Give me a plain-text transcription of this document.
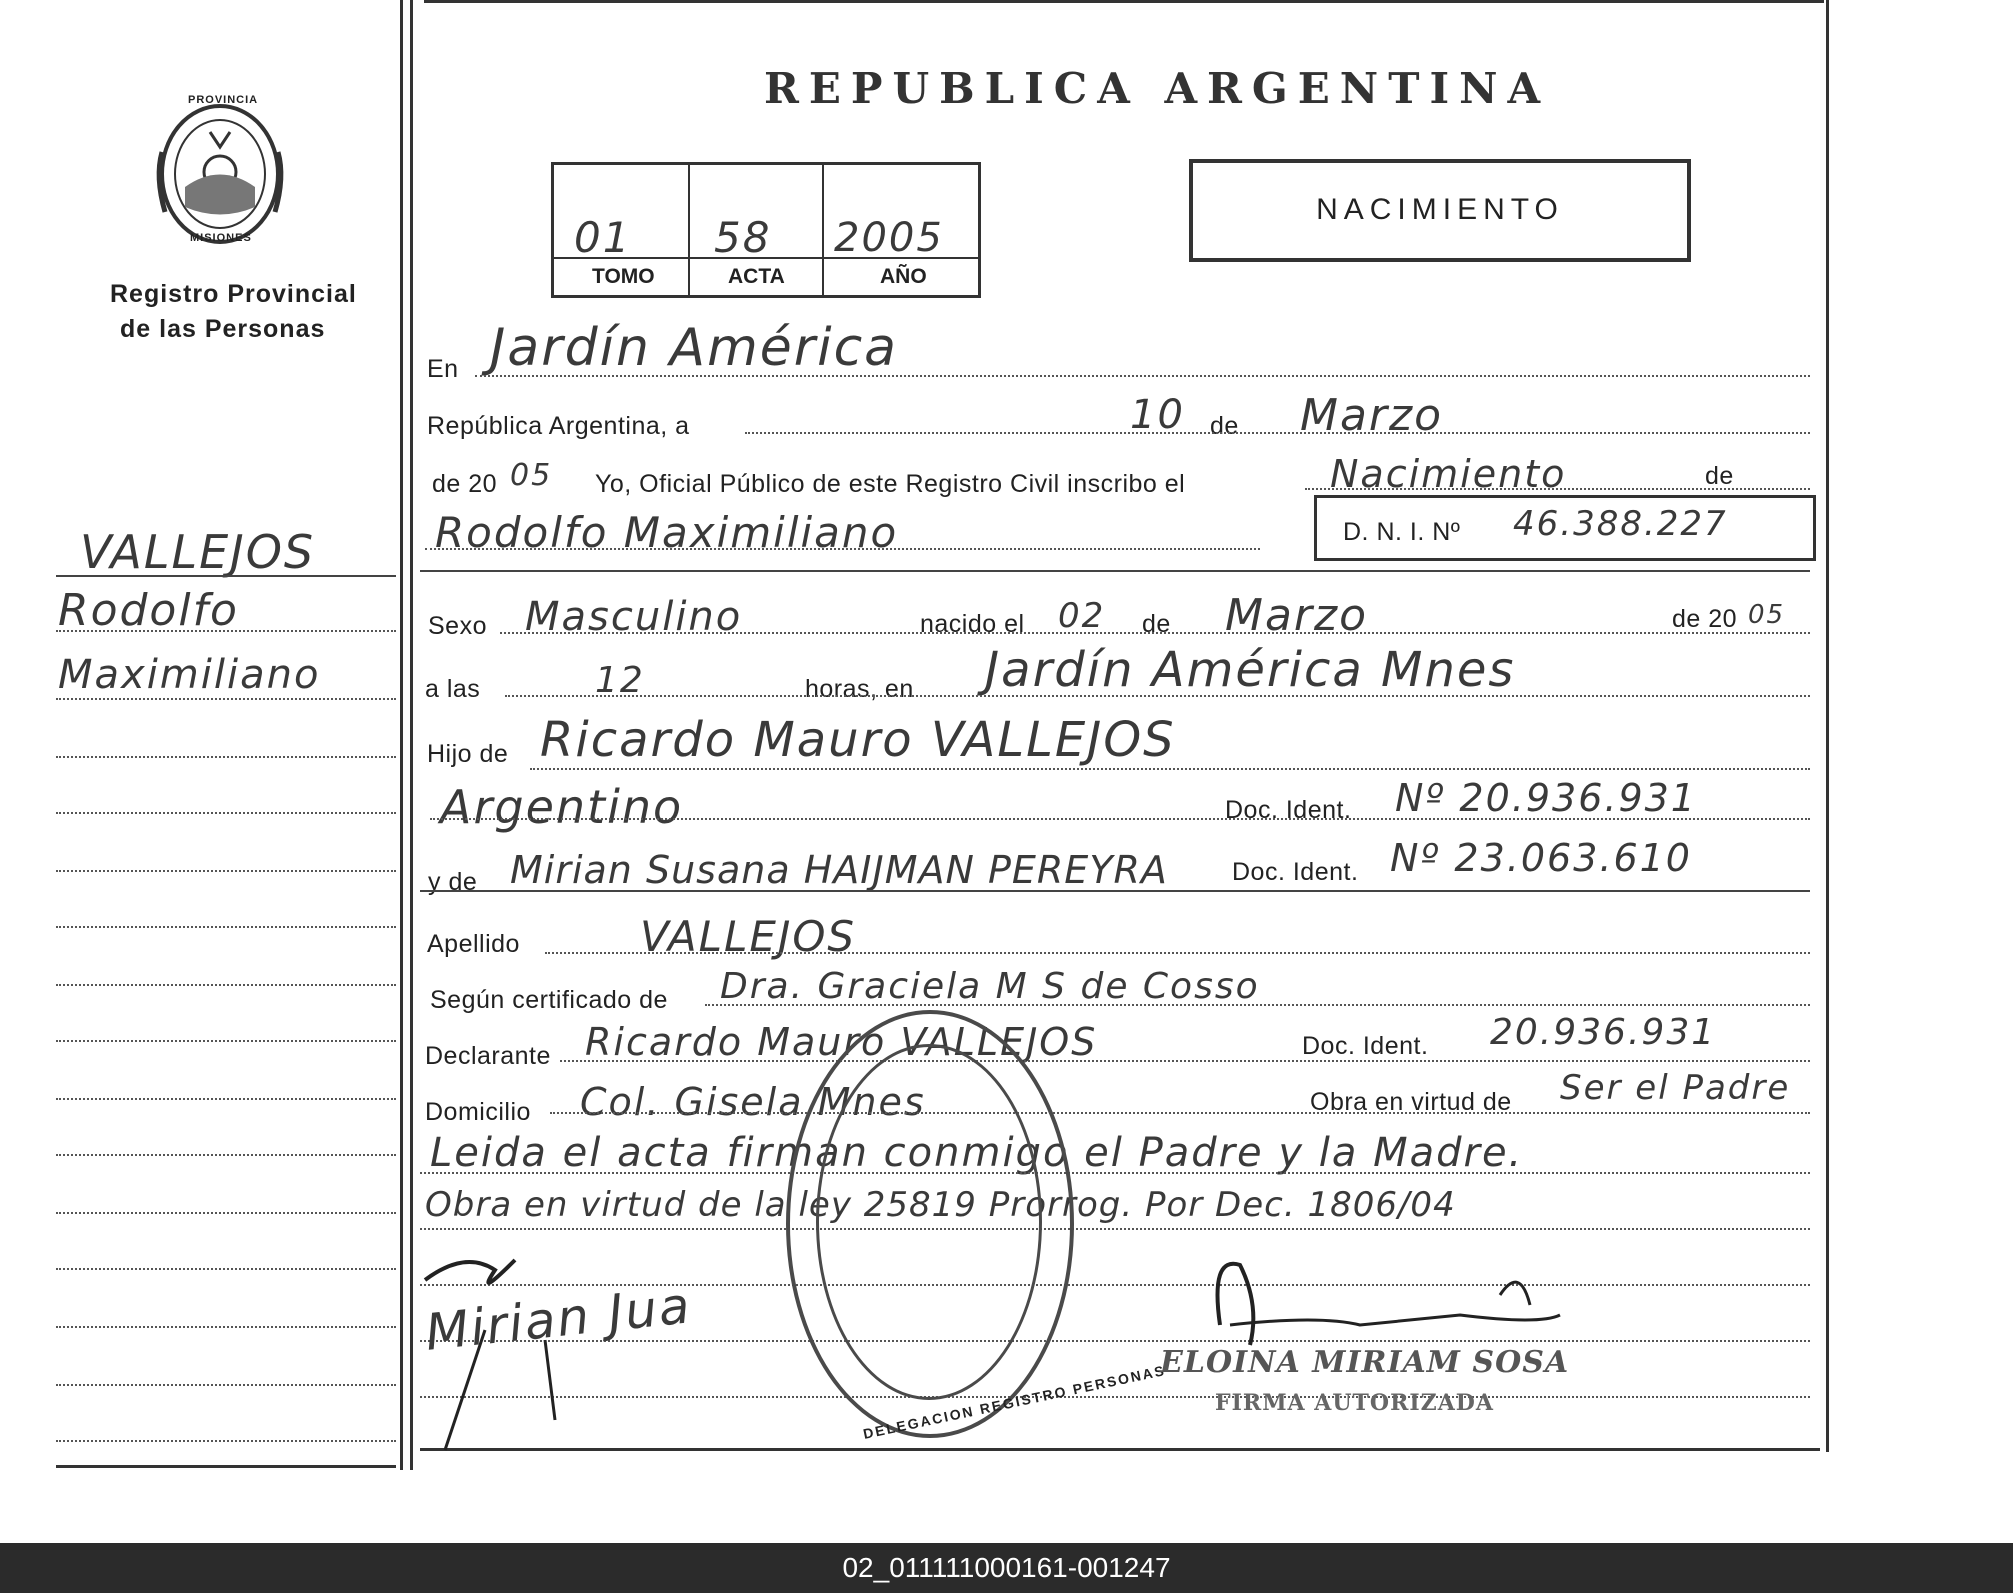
PROVINCIA
MISIONES
Registro Provincial
de las Personas
REPUBLICA ARGENTINA
01 58 2005
TOMO	ACTA	AÑO
NACIMIENTO
VALLEJOS
Rodolfo
Maximiliano
En Jardín América
República Argentina, a	10 de Marzo
de 20 05 Yo, Oficial Público de este Registro Civil inscribo el	Nacimiento	de
Rodolfo Maximiliano	D. N. I. Nº 46.388.227
Sexo Masculino	nacido el 02 de Marzo	de 20 05
a las	12	horas, en Jardín América Mnes
Hijo de Ricardo Mauro VALLEJOS
Argentino	Doc. Ident. Nº 20.936.931
y de Mirian Susana HAIJMAN PEREYRA	Doc. Ident. Nº 23.063.610
Apellido	VALLEJOS
Según certificado de Dra. Graciela M S de Cosso
Declarante Ricardo Mauro VALLEJOS	Doc. Ident. 20.936.931
Domicilio Col. Gisela Mnes	Obra en virtud de Ser el Padre
Leida el acta firman conmigo el Padre y la Madre.
Obra en virtud de la ley 25819 Prorrog. Por Dec. 1806/04
DELEGACION REGISTRO PERSONAS
Mirian Jua
ELOINA MIRIAM SOSA
FIRMA AUTORIZADA
02_011111000161-001247
